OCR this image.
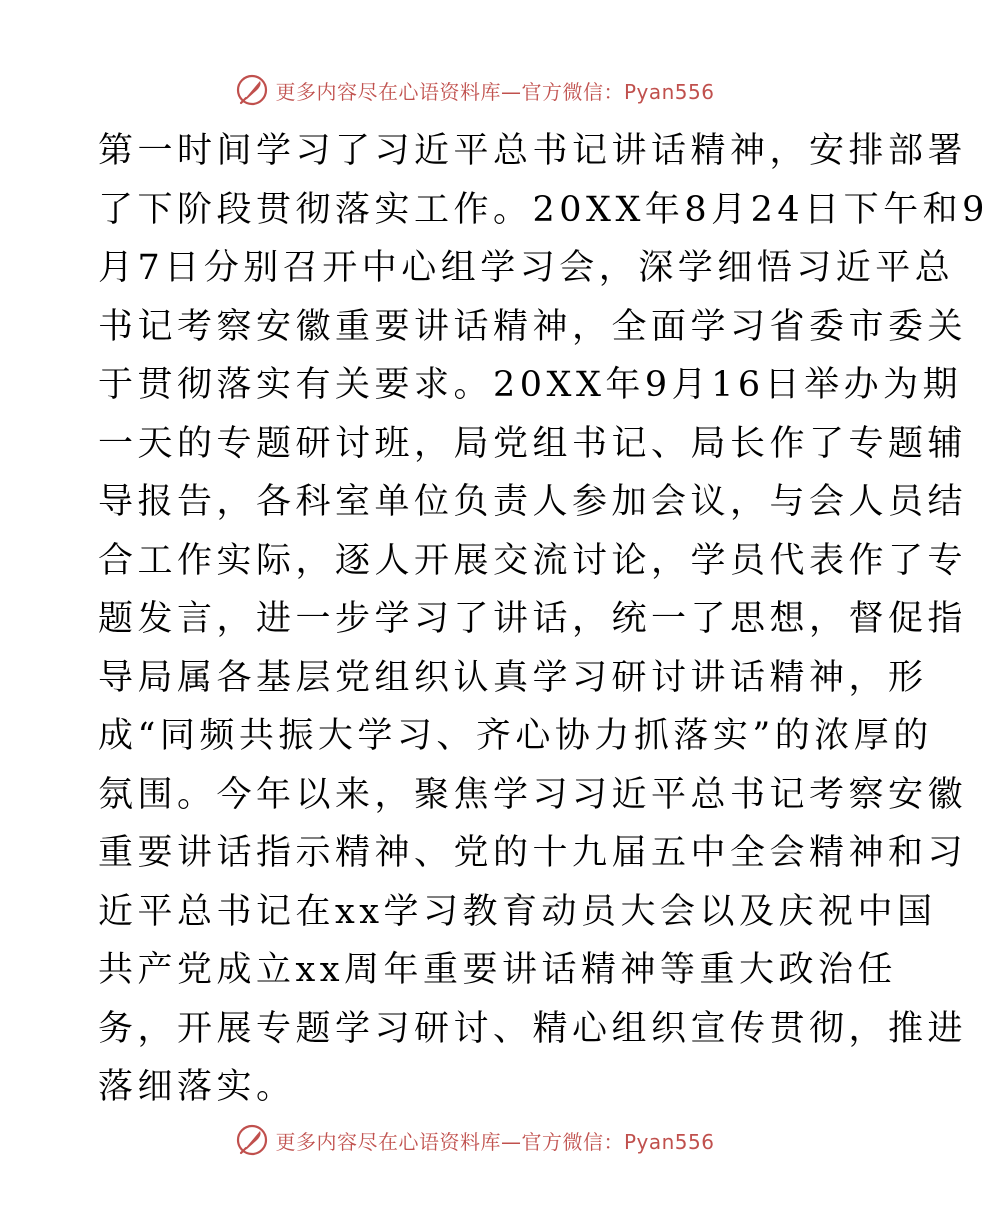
更多内容尽在心语资料库—官方微信：Pyan556
第一时间学习了习近平总书记讲话精神，安排部署
了下阶段贯彻落实工作。20XX年8月24日下午和9
月7日分别召开中心组学习会，深学细悟习近平总
书记考察安徽重要讲话精神，全面学习省委市委关
于贯彻落实有关要求。20XX年9月16日举办为期
一天的专题研讨班，局党组书记、局长作了专题辅
导报告，各科室单位负责人参加会议，与会人员结
合工作实际，逐人开展交流讨论，学员代表作了专
题发言，进一步学习了讲话，统一了思想，督促指
导局属各基层党组织认真学习研讨讲话精神，形
成“同频共振大学习、齐心协力抓落实”的浓厚的
氛围。今年以来，聚焦学习习近平总书记考察安徽
重要讲话指示精神、党的十九届五中全会精神和习
近平总书记在xx学习教育动员大会以及庆祝中国
共产党成立xx周年重要讲话精神等重大政治任
务，开展专题学习研讨、精心组织宣传贯彻，推进
落细落实。
更多内容尽在心语资料库—官方微信：Pyan556
